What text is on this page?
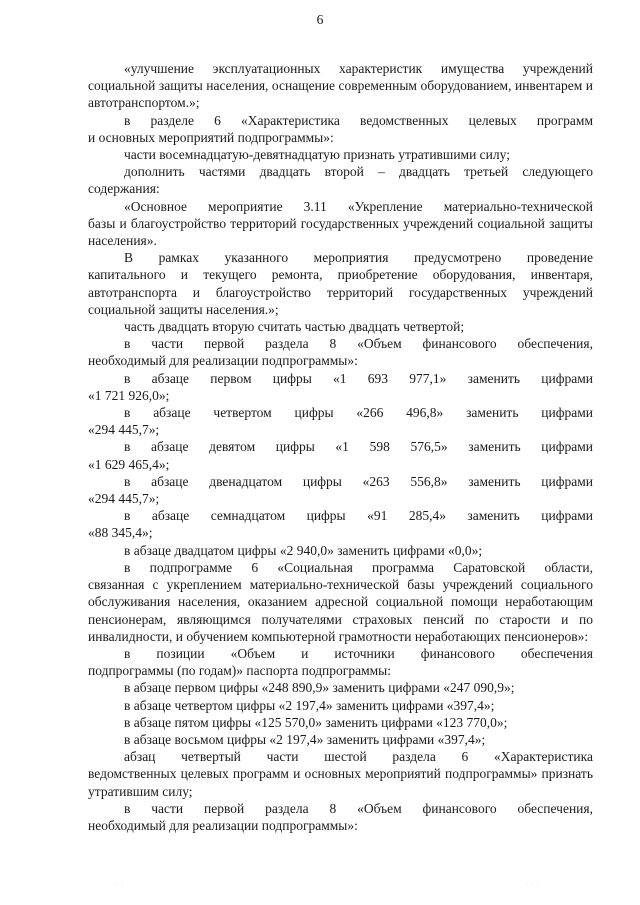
6

«улучшение эксплуатационных характеристик имущества учреждений

социальной защиты населения, оснащение современным оборудованием, инвентарем и автотранспортом.»;

в разделе 6 «Характеристика ведомственных целевых программ

и основных мероприятий подпрограммы»:

части восемнадцатую-девятнадцатую признать утратившими силу;

дополнить частями двадцать второй – двадцать третьей следующего

содержания:

«Основное мероприятие 3.11 «Укрепление материально-технической

базы и благоустройство территорий государственных учреждений социальной защиты населения».

В рамках указанного мероприятия предусмотрено проведение

капитального и текущего ремонта, приобретение оборудования, инвентаря, автотранспорта и благоустройство территорий государственных учреждений социальной защиты населения.»;

часть двадцать вторую считать частью двадцать четвертой;

в части первой раздела 8 «Объем финансового обеспечения,

необходимый для реализации подпрограммы»:

в абзаце первом цифры «1 693 977,1» заменить цифрами

«1 721 926,0»;

в абзаце четвертом цифры «266 496,8» заменить цифрами

«294 445,7»;

в абзаце девятом цифры «1 598 576,5» заменить цифрами

«1 629 465,4»;

в абзаце двенадцатом цифры «263 556,8» заменить цифрами

«294 445,7»;

в абзаце семнадцатом цифры «91 285,4» заменить цифрами

«88 345,4»;

в абзаце двадцатом цифры «2 940,0» заменить цифрами «0,0»;

в подпрограмме 6 «Социальная программа Саратовской области,

связанная с укреплением материально-технической базы учреждений социального обслуживания населения, оказанием адресной социальной помощи неработающим пенсионерам, являющимся получателями страховых пенсий по старости и по инвалидности, и обучением компьютерной грамотности неработающих пенсионеров»:

в позиции «Объем и источники финансового обеспечения

подпрограммы (по годам)» паспорта подпрограммы:

в абзаце первом цифры «248 890,9» заменить цифрами «247 090,9»;

в абзаце четвертом цифры «2 197,4» заменить цифрами «397,4»;

в абзаце пятом цифры «125 570,0» заменить цифрами «123 770,0»;

в абзаце восьмом цифры «2 197,4» заменить цифрами «397,4»;

абзац четвертый части шестой раздела 6 «Характеристика

ведомственных целевых программ и основных мероприятий подпрограммы» признать утратившим силу;

в части первой раздела 8 «Объем финансового обеспечения,

необходимый для реализации подпрограммы»:

· ·	· · ·
